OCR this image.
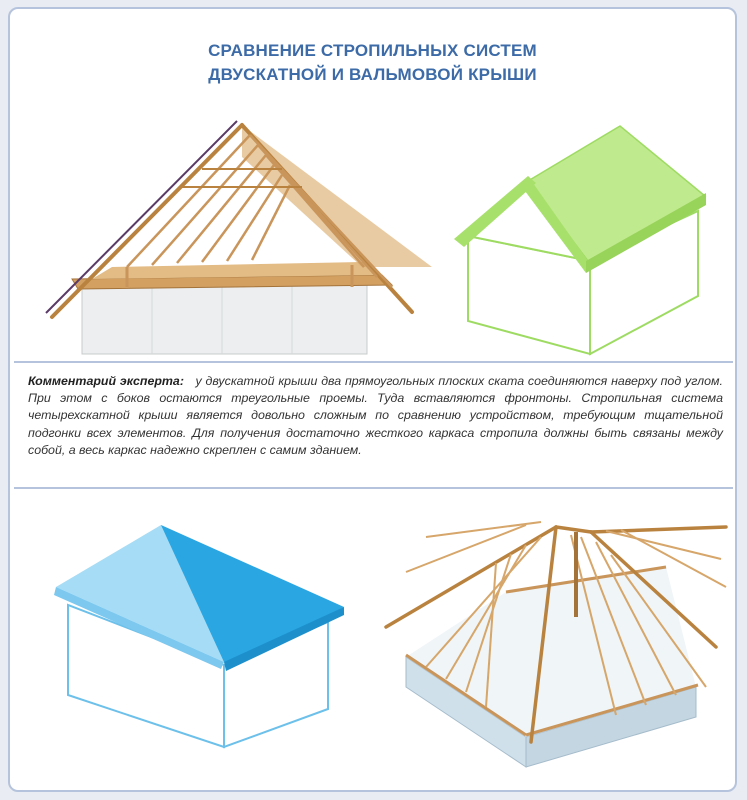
СРАВНЕНИЕ СТРОПИЛЬНЫХ СИСТЕМ
ДВУСКАТНОЙ И ВАЛЬМОВОЙ КРЫШИ
Комментарий эксперта: у двускатной крыши два прямоугольных плоских ската соединяются наверху под углом. При этом с боков остаются треугольные проемы. Туда вставляются фронтоны. Стропильная система четырехскатной крыши является довольно сложным по сравнению устройством, требующим тщательной подгонки всех элементов. Для получения достаточно жесткого каркаса стропила должны быть связаны между собой, а весь каркас надежно скреплен с самим зданием.
